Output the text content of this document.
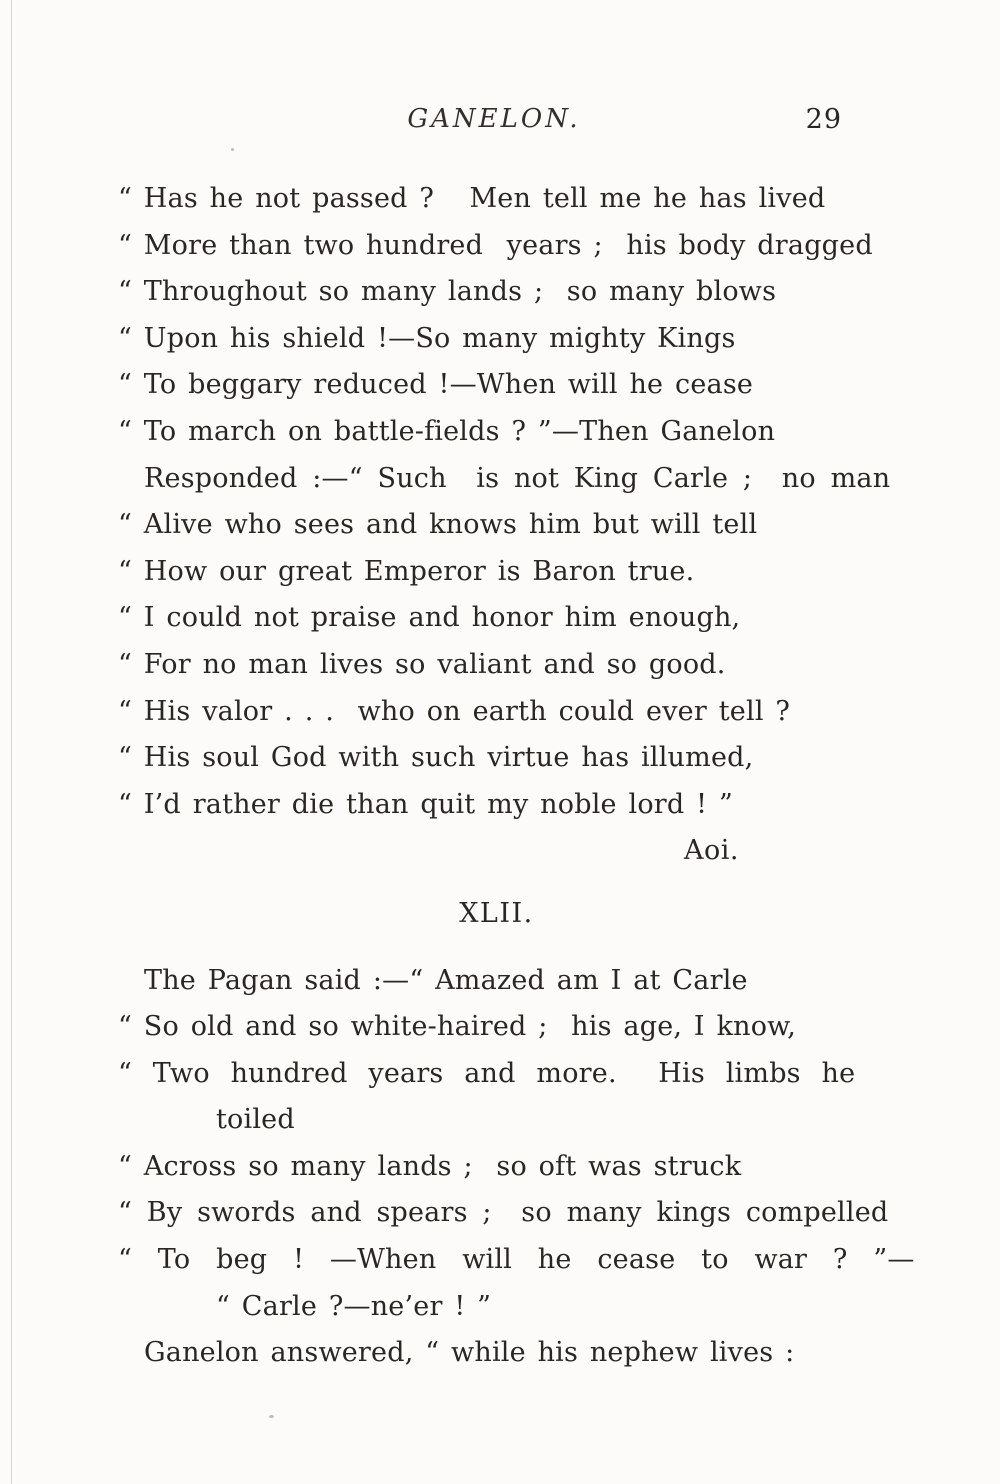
GANELON.	29
“ Has he not passed ?   Men tell me he has lived
“ More than two hundred  years ;  his body dragged
“ Throughout so many lands ;  so many blows
“ Upon his shield !—So many mighty Kings
“ To beggary reduced !—When will he cease
“ To march on battle-fields ? ”—Then Ganelon
Responded :—“ Such  is not King Carle ;  no man
“ Alive who sees and knows him but will tell
“ How our great Emperor is Baron true.
“ I could not praise and honor him enough,
“ For no man lives so valiant and so good.
“ His valor . . .  who on earth could ever tell ?
“ His soul God with such virtue has illumed,
“ I’d rather die than quit my noble lord ! ”
Aoi.
XLII.
The Pagan said :—“ Amazed am I at Carle
“ So old and so white-haired ;  his age, I know,
“ Two hundred years and more.  His limbs he
toiled
“ Across so many lands ;  so oft was struck
“ By swords and spears ;  so many kings compelled
“ To beg ! —When will he cease to war ? ”—
“ Carle ?—ne’er ! ”
Ganelon answered, “ while his nephew lives :
